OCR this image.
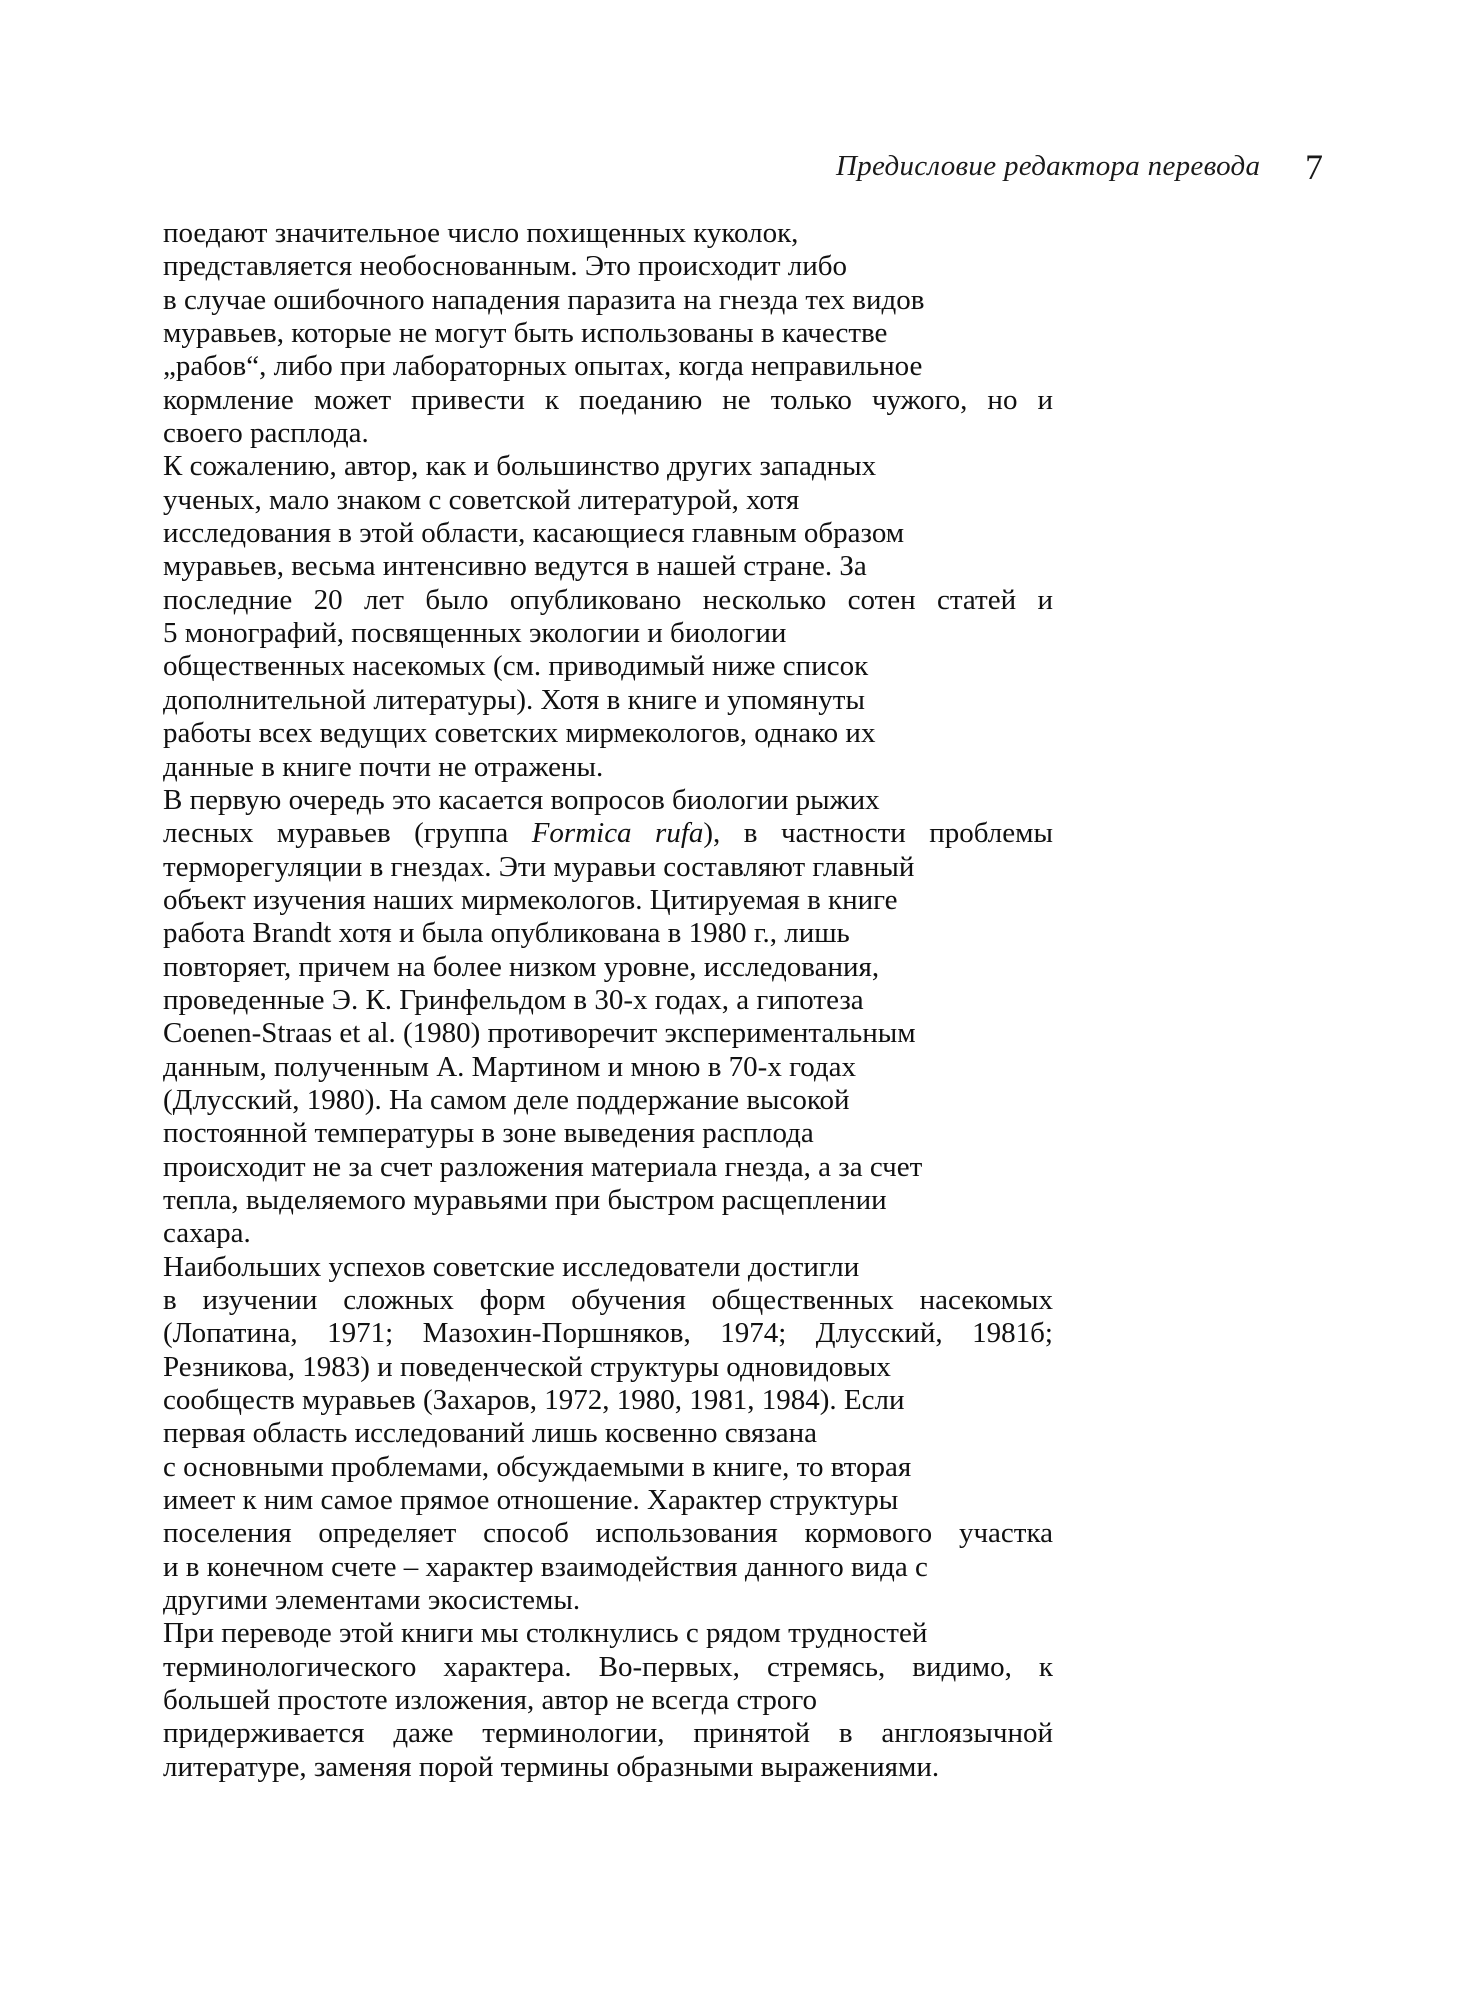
Предисловие редактора перевода 7
поедают значительное число похищенных куколок,
представляется необоснованным. Это происходит либо
в случае ошибочного нападения паразита на гнезда тех видов
муравьев, которые не могут быть использованы в качестве
„рабов“, либо при лабораторных опытах, когда неправильное
кормление может привести к поеданию не только чужого, но и
своего расплода.
К сожалению, автор, как и большинство других западных
ученых, мало знаком с советской литературой, хотя
исследования в этой области, касающиеся главным образом
муравьев, весьма интенсивно ведутся в нашей стране. За
последние 20 лет было опубликовано несколько сотен статей и
5 монографий, посвященных экологии и биологии
общественных насекомых (см. приводимый ниже список
дополнительной литературы). Хотя в книге и упомянуты
работы всех ведущих советских мирмекологов, однако их
данные в книге почти не отражены.
В первую очередь это касается вопросов биологии рыжих
лесных муравьев (группа Formica rufa), в частности проблемы
терморегуляции в гнездах. Эти муравьи составляют главный
объект изучения наших мирмекологов. Цитируемая в книге
работа Brandt хотя и была опубликована в 1980 г., лишь
повторяет, причем на более низком уровне, исследования,
проведенные Э. К. Гринфельдом в 30-х годах, а гипотеза
Coenen-Straas et al. (1980) противоречит экспериментальным
данным, полученным А. Мартином и мною в 70-х годах
(Длусский, 1980). На самом деле поддержание высокой
постоянной температуры в зоне выведения расплода
происходит не за счет разложения материала гнезда, а за счет
тепла, выделяемого муравьями при быстром расщеплении
сахара.
Наибольших успехов советские исследователи достигли
в изучении сложных форм обучения общественных насекомых
(Лопатина, 1971; Мазохин-Поршняков, 1974; Длусский, 1981б;
Резникова, 1983) и поведенческой структуры одновидовых
сообществ муравьев (Захаров, 1972, 1980, 1981, 1984). Если
первая область исследований лишь косвенно связана
с основными проблемами, обсуждаемыми в книге, то вторая
имеет к ним самое прямое отношение. Характер структуры
поселения определяет способ использования кормового участка
и в конечном счете – характер взаимодействия данного вида с
другими элементами экосистемы.
При переводе этой книги мы столкнулись с рядом трудностей
терминологического характера. Во-первых, стремясь, видимо, к
большей простоте изложения, автор не всегда строго
придерживается даже терминологии, принятой в англоязычной
литературе, заменяя порой термины образными выражениями.
